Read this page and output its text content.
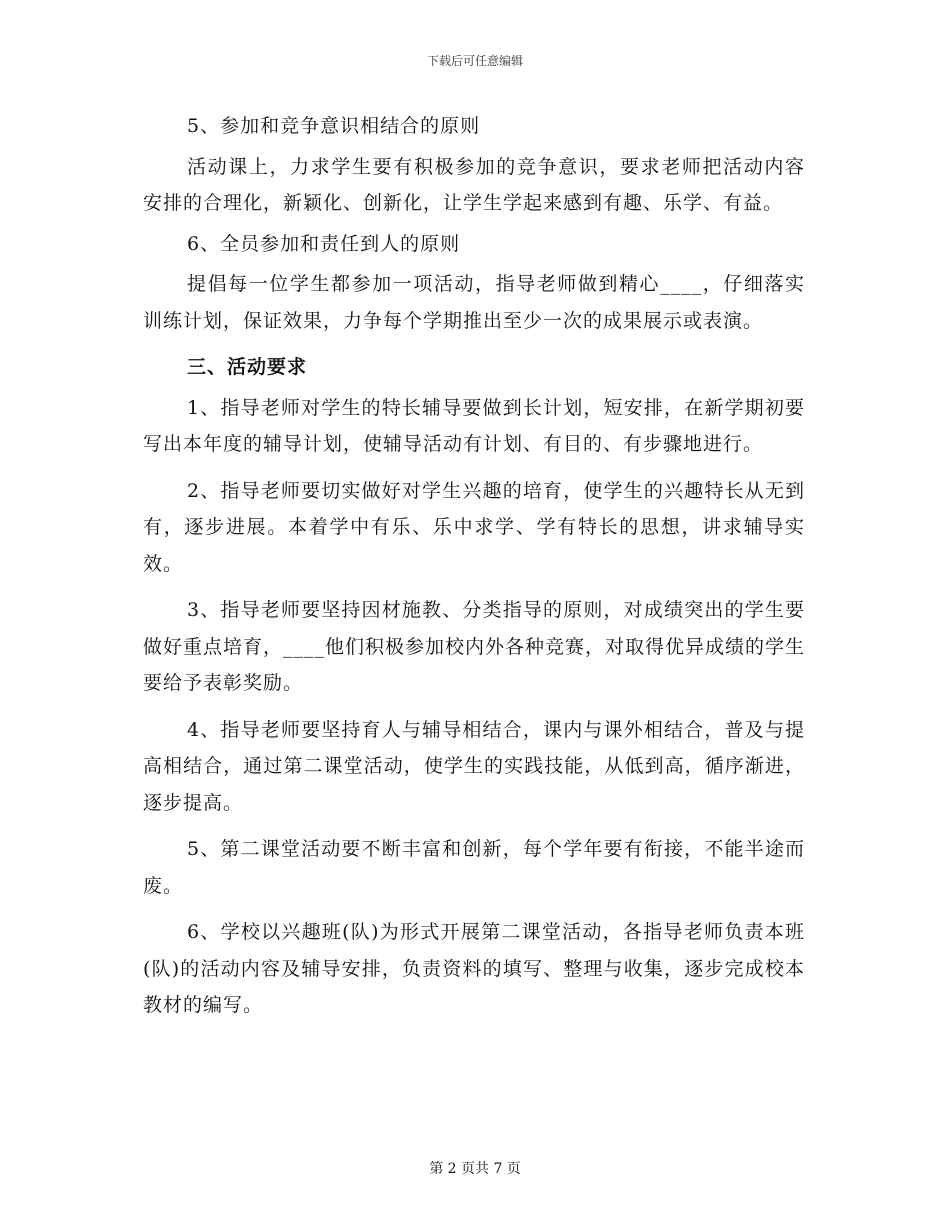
下载后可任意编辑

5、参加和竞争意识相结合的原则

活动课上，力求学生要有积极参加的竞争意识，要求老师把活动内容安排的合理化，新颖化、创新化，让学生学起来感到有趣、乐学、有益。

6、全员参加和责任到人的原则

提倡每一位学生都参加一项活动，指导老师做到精心____，仔细落实训练计划，保证效果，力争每个学期推出至少一次的成果展示或表演。

三、活动要求

1、指导老师对学生的特长辅导要做到长计划，短安排，在新学期初要写出本年度的辅导计划，使辅导活动有计划、有目的、有步骤地进行。

2、指导老师要切实做好对学生兴趣的培育，使学生的兴趣特长从无到有，逐步进展。本着学中有乐、乐中求学、学有特长的思想，讲求辅导实效。

3、指导老师要坚持因材施教、分类指导的原则，对成绩突出的学生要做好重点培育，____他们积极参加校内外各种竞赛，对取得优异成绩的学生要给予表彰奖励。

4、指导老师要坚持育人与辅导相结合，课内与课外相结合，普及与提高相结合，通过第二课堂活动，使学生的实践技能，从低到高，循序渐进，逐步提高。

5、第二课堂活动要不断丰富和创新，每个学年要有衔接，不能半途而废。

6、学校以兴趣班(队)为形式开展第二课堂活动，各指导老师负责本班(队)的活动内容及辅导安排，负责资料的填写、整理与收集，逐步完成校本教材的编写。

第 2 页共 7 页
